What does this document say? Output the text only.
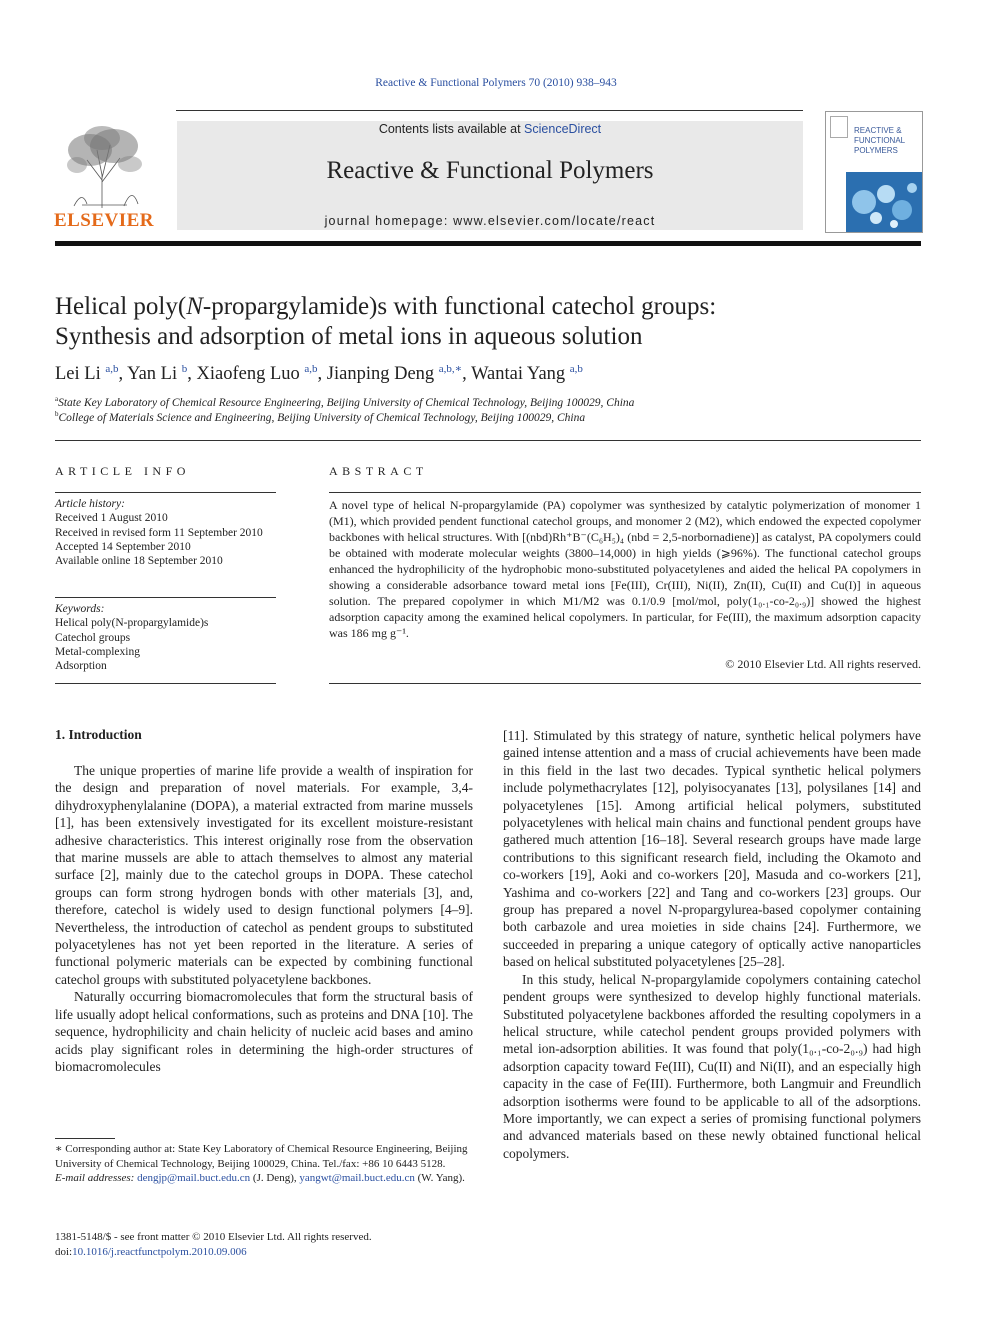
Reactive & Functional Polymers 70 (2010) 938–943
ELSEVIER
Contents lists available at ScienceDirect
Reactive & Functional Polymers
journal homepage: www.elsevier.com/locate/react
REACTIVE &
FUNCTIONAL
POLYMERS
Helical poly(N-propargylamide)s with functional catechol groups:
Synthesis and adsorption of metal ions in aqueous solution
Lei Li $^{a,b}$, Yan Li $^b$, Xiaofeng Luo $^{a,b}$, Jianping Deng $^{a,b,∗}$, Wantai Yang $^{a,b}$
$^a$State Key Laboratory of Chemical Resource Engineering, Beijing University of Chemical Technology, Beijing 100029, China
$^b$College of Materials Science and Engineering, Beijing University of Chemical Technology, Beijing 100029, China
ARTICLE INFO
Article history:
Received 1 August 2010
Received in revised form 11 September 2010
Accepted 14 September 2010
Available online 18 September 2010
Keywords:
Helical poly(N-propargylamide)s
Catechol groups
Metal-complexing
Adsorption
ABSTRACT
A novel type of helical N-propargylamide (PA) copolymer was synthesized by catalytic polymerization of monomer 1 (M1), which provided pendent functional catechol groups, and monomer 2 (M2), which endowed the expected copolymer backbones with helical structures. With [(nbd)Rh⁺B⁻(C₆H₅)₄ (nbd = 2,5-norbornadiene)] as catalyst, PA copolymers could be obtained with moderate molecular weights (3800–14,000) in high yields (⩾96%). The functional catechol groups enhanced the hydrophilicity of the hydrophobic mono-substituted polyacetylenes and aided the helical PA copolymers in showing a considerable adsorbance toward metal ions [Fe(III), Cr(III), Ni(II), Zn(II), Cu(II) and Cu(I)] in aqueous solution. The prepared copolymer in which M1/M2 was 0.1/0.9 [mol/mol, poly(1₀.₁-co-2₀.₉)] showed the highest adsorption capacity among the examined helical copolymers. In particular, for Fe(III), the maximum adsorption capacity was 186 mg g⁻¹.
© 2010 Elsevier Ltd. All rights reserved.
1. Introduction

The unique properties of marine life provide a wealth of inspiration for the design and preparation of novel materials. For example, 3,4-dihydroxyphenylalanine (DOPA), a material extracted from marine mussels [1], has been extensively investigated for its excellent moisture-resistant adhesive characteristics. This interest originally rose from the observation that marine mussels are able to attach themselves to almost any material surface [2], mainly due to the catechol groups in DOPA. These catechol groups can form strong hydrogen bonds with other materials [3], and, therefore, catechol is widely used to design functional polymers [4–9]. Nevertheless, the introduction of catechol as pendent groups to substituted polyacetylenes has not yet been reported in the literature. A series of functional polymeric materials can be expected by combining functional catechol groups with substituted polyacetylene backbones.

Naturally occurring biomacromolecules that form the structural basis of life usually adopt helical conformations, such as proteins and DNA [10]. The sequence, hydrophilicity and chain helicity of nucleic acid bases and amino acids play significant roles in determining the high-order structures of biomacromolecules

[11]. Stimulated by this strategy of nature, synthetic helical polymers have gained intense attention and a mass of crucial achievements have been made in this field in the last two decades. Typical synthetic helical polymers include polymethacrylates [12], polyisocyanates [13], polysilanes [14] and polyacetylenes [15]. Among artificial helical polymers, substituted polyacetylenes with helical main chains and functional pendent groups have gathered much attention [16–18]. Several research groups have made large contributions to this significant research field, including the Okamoto and co-workers [19], Aoki and co-workers [20], Masuda and co-workers [21], Yashima and co-workers [22] and Tang and co-workers [23] groups. Our group has prepared a novel N-propargylurea-based copolymer containing both carbazole and urea moieties in side chains [24]. Furthermore, we succeeded in preparing a unique category of optically active nanoparticles based on helical substituted polyacetylenes [25–28].

In this study, helical N-propargylamide copolymers containing catechol pendent groups were synthesized to develop highly functional materials. Substituted polyacetylene backbones afforded the resulting copolymers in a helical structure, while catechol pendent groups provided polymers with metal ion-adsorption abilities. It was found that poly(1₀.₁-co-2₀.₉) had high adsorption capacity toward Fe(III), Cu(II) and Ni(II), and an especially high capacity in the case of Fe(III). Furthermore, both Langmuir and Freundlich adsorption isotherms were found to be applicable to all of the adsorptions. More importantly, we can expect a series of promising functional polymers and advanced materials based on these newly obtained functional helical copolymers.

∗ Corresponding author at: State Key Laboratory of Chemical Resource Engineering, Beijing University of Chemical Technology, Beijing 100029, China. Tel./fax: +86 10 6443 5128.
E-mail addresses: dengjp@mail.buct.edu.cn (J. Deng), yangwt@mail.buct.edu.cn (W. Yang).
1381-5148/$ - see front matter © 2010 Elsevier Ltd. All rights reserved.
doi:10.1016/j.reactfunctpolym.2010.09.006
